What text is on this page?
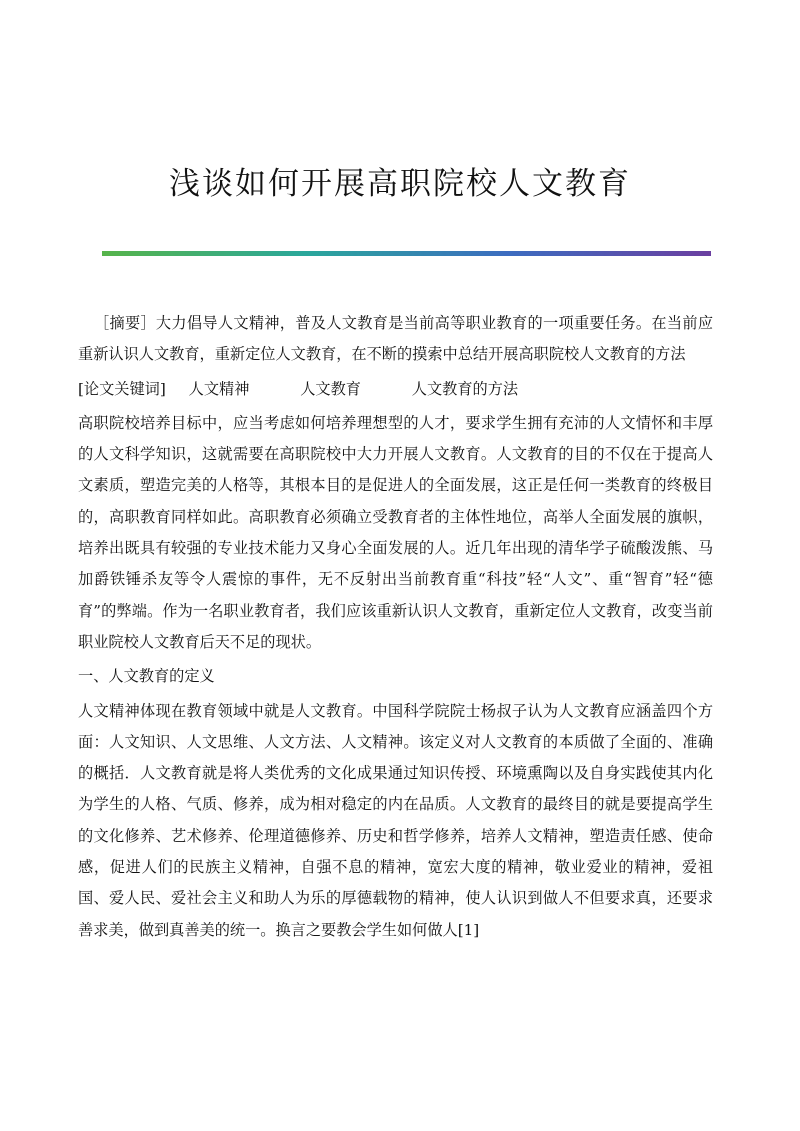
浅谈如何开展高职院校人文教育

［摘要］大力倡导人文精神，普及人文教育是当前高等职业教育的一项重要任务。在当前应重新认识人文教育，重新定位人文教育，在不断的摸索中总结开展高职院校人文教育的方法

[论文关键词] 人文精神	人文教育	人文教育的方法

高职院校培养目标中，应当考虑如何培养理想型的人才，要求学生拥有充沛的人文情怀和丰厚的人文科学知识，这就需要在高职院校中大力开展人文教育。人文教育的目的不仅在于提高人文素质，塑造完美的人格等，其根本目的是促进人的全面发展，这正是任何一类教育的终极目的，高职教育同样如此。高职教育必须确立受教育者的主体性地位，高举人全面发展的旗帜，培养出既具有较强的专业技术能力又身心全面发展的人。近几年出现的清华学子硫酸泼熊、马加爵铁锤杀友等令人震惊的事件，无不反射出当前教育重“科技”轻“人文”、重“智育”轻“德育”的弊端。作为一名职业教育者，我们应该重新认识人文教育，重新定位人文教育，改变当前职业院校人文教育后天不足的现状。

一、人文教育的定义

人文精神体现在教育领域中就是人文教育。中国科学院院士杨叔子认为人文教育应涵盖四个方面：人文知识、人文思维、人文方法、人文精神。该定义对人文教育的本质做了全面的、准确的概括．人文教育就是将人类优秀的文化成果通过知识传授、环境熏陶以及自身实践使其内化为学生的人格、气质、修养，成为相对稳定的内在品质。人文教育的最终目的就是要提高学生的文化修养、艺术修养、伦理道德修养、历史和哲学修养，培养人文精神，塑造责任感、使命感，促进人们的民族主义精神，自强不息的精神，宽宏大度的精神，敬业爱业的精神，爱祖国、爱人民、爱社会主义和助人为乐的厚德载物的精神，使人认识到做人不但要求真，还要求善求美，做到真善美的统一。换言之要教会学生如何做人[1]
